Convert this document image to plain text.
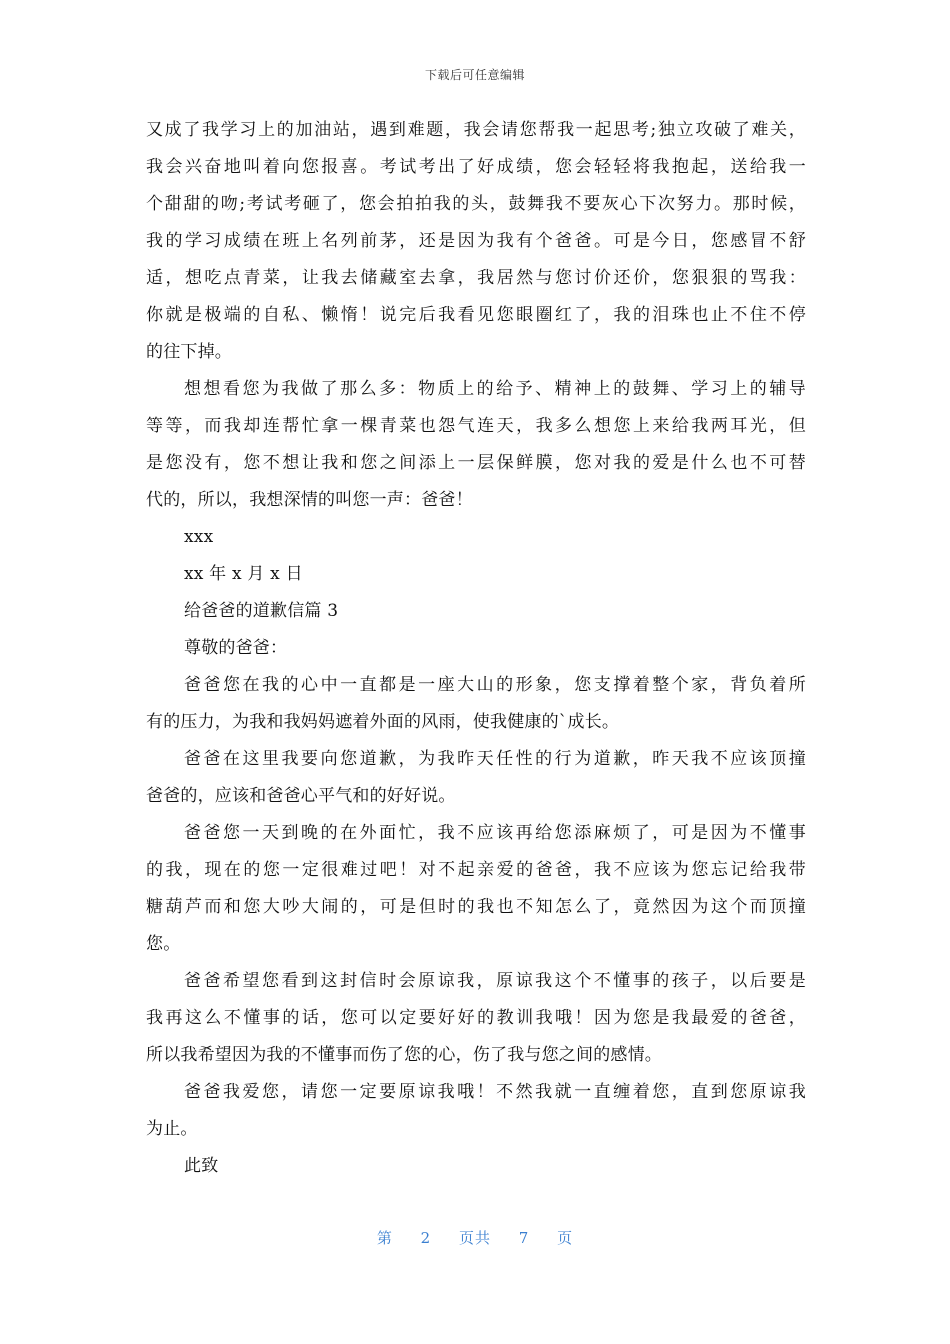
下载后可任意编辑
又成了我学习上的加油站，遇到难题，我会请您帮我一起思考;独立攻破了难关，
我会兴奋地叫着向您报喜。考试考出了好成绩，您会轻轻将我抱起，送给我一
个甜甜的吻;考试考砸了，您会拍拍我的头，鼓舞我不要灰心下次努力。那时候，
我的学习成绩在班上名列前茅，还是因为我有个爸爸。可是今日，您感冒不舒
适，想吃点青菜，让我去储藏室去拿，我居然与您讨价还价，您狠狠的骂我：
你就是极端的自私、懒惰！说完后我看见您眼圈红了，我的泪珠也止不住不停
的往下掉。
想想看您为我做了那么多：物质上的给予、精神上的鼓舞、学习上的辅导
等等，而我却连帮忙拿一棵青菜也怨气连天，我多么想您上来给我两耳光，但
是您没有，您不想让我和您之间添上一层保鲜膜，您对我的爱是什么也不可替
代的，所以，我想深情的叫您一声：爸爸！
xxx
xx 年 x 月 x 日
给爸爸的道歉信篇 3
尊敬的爸爸：
爸爸您在我的心中一直都是一座大山的形象，您支撑着整个家，背负着所
有的压力，为我和我妈妈遮着外面的风雨，使我健康的`成长。
爸爸在这里我要向您道歉，为我昨天任性的行为道歉，昨天我不应该顶撞
爸爸的，应该和爸爸心平气和的好好说。
爸爸您一天到晚的在外面忙，我不应该再给您添麻烦了，可是因为不懂事
的我，现在的您一定很难过吧！对不起亲爱的爸爸，我不应该为您忘记给我带
糖葫芦而和您大吵大闹的，可是但时的我也不知怎么了，竟然因为这个而顶撞
您。
爸爸希望您看到这封信时会原谅我，原谅我这个不懂事的孩子，以后要是
我再这么不懂事的话，您可以定要好好的教训我哦！因为您是我最爱的爸爸，
所以我希望因为我的不懂事而伤了您的心，伤了我与您之间的感情。
爸爸我爱您，请您一定要原谅我哦！不然我就一直缠着您，直到您原谅我
为止。
此致
第 2 页共 7 页
